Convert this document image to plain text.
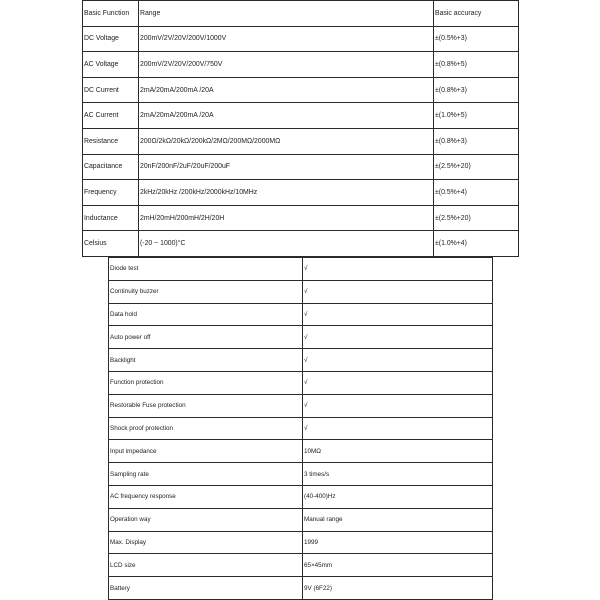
Basic Function	Range	Basic accuracy
DC Voltage	200mV/2V/20V/200V/1000V	±(0.5%+3)
AC Voltage	200mV/2V/20V/200V/750V	±(0.8%+5)
DC Current	2mA/20mA/200mA /20A	±(0.8%+3)
AC Current	2mA/20mA/200mA /20A	±(1.0%+5)
Resistance	200Ω/2kΩ/20kΩ/200kΩ/2MΩ/200MΩ/2000MΩ	±(0.8%+3)
Capacitance	20nF/200nF/2uF/20uF/200uF	±(2.5%+20)
Frequency	2kHz/20kHz /200kHz/2000kHz/10MHz	±(0.5%+4)
Inductance	2mH/20mH/200mH/2H/20H	±(2.5%+20)
Celsius	(-20 ~ 1000)°C	±(1.0%+4)
Diode test	√
Continuity buzzer	√
Data hold	√
Auto power off	√
Backlight	√
Function protection	√
Restorable Fuse protection	√
Shock proof protection	√
Input impedance	10MΩ
Sampling rate	3 times/s
AC frequency response	(40-400)Hz
Operation way	Manual range
Max. Display	1999
LCD size	65×45mm
Battery	9V (6F22)
